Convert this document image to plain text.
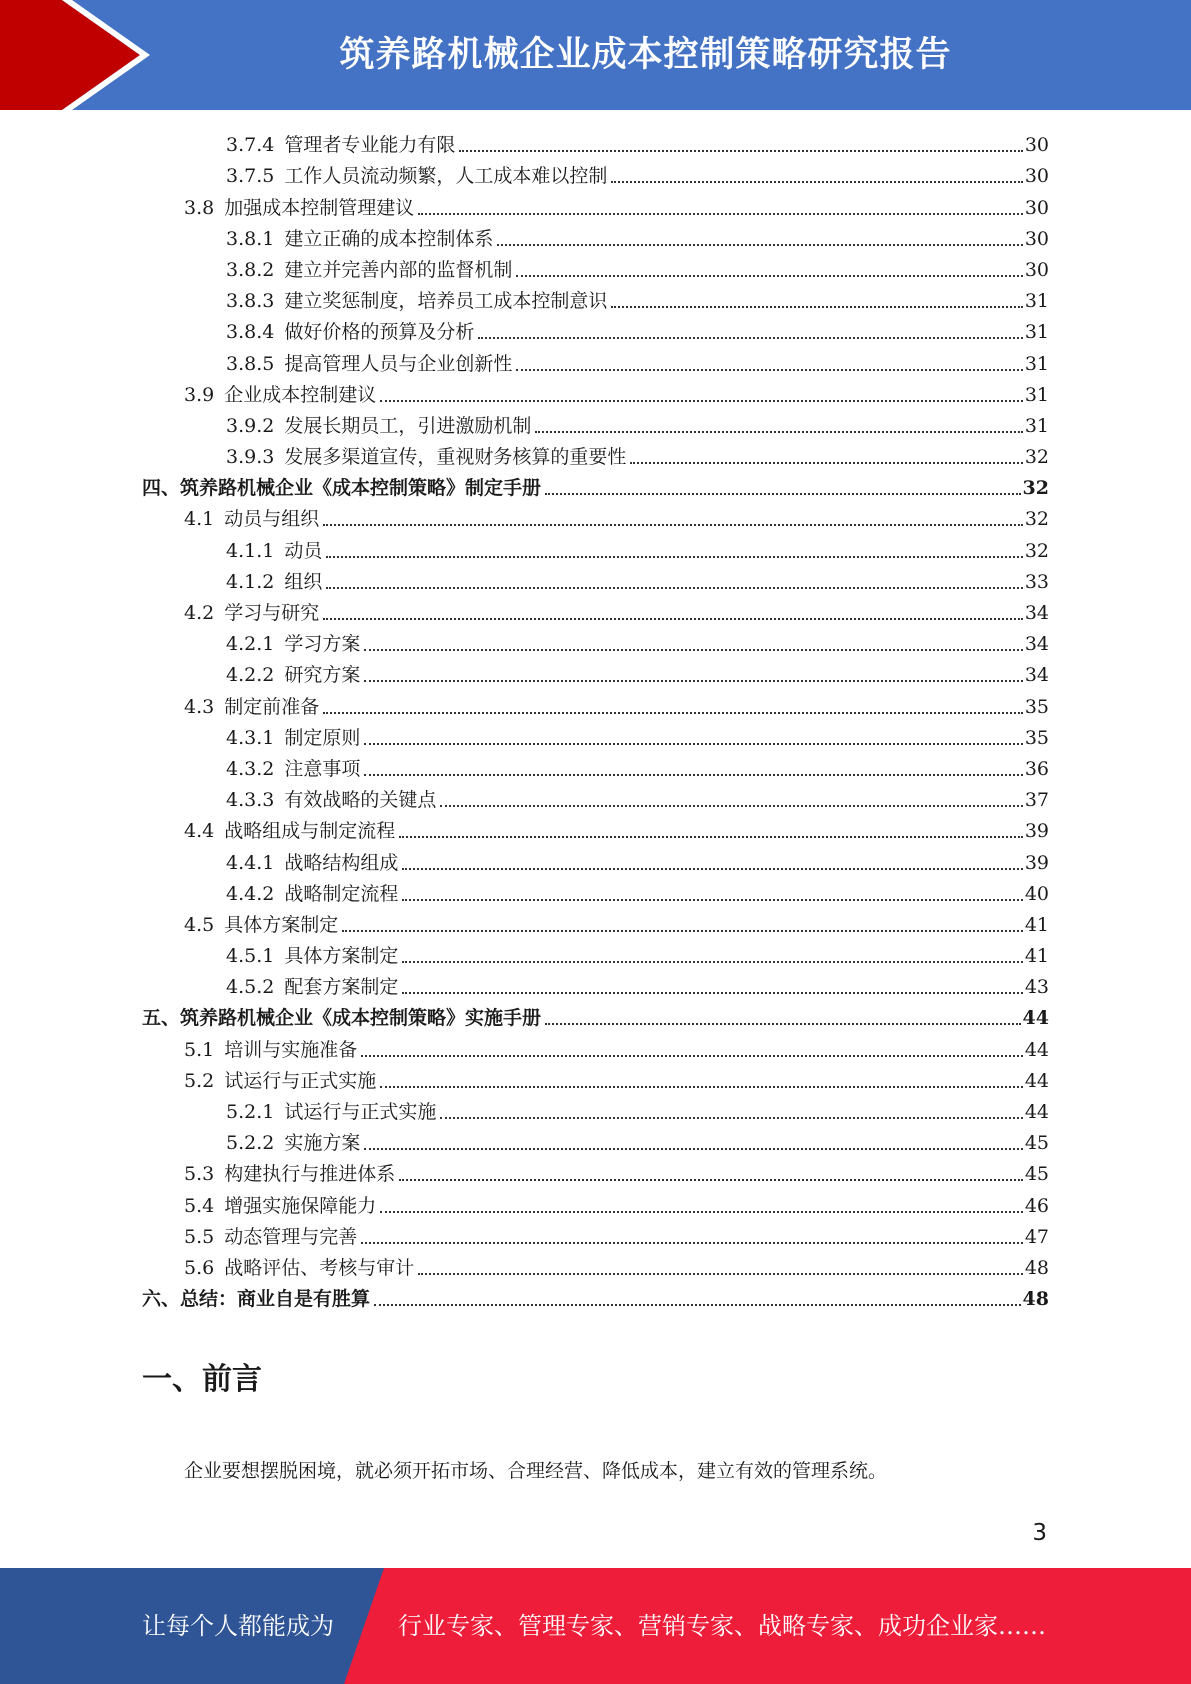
筑养路机械企业成本控制策略研究报告
3.7.4 管理者专业能力有限	30
3.7.5 工作人员流动频繁，人工成本难以控制	30
3.8 加强成本控制管理建议	30
3.8.1 建立正确的成本控制体系	30
3.8.2 建立并完善内部的监督机制	30
3.8.3 建立奖惩制度，培养员工成本控制意识	31
3.8.4 做好价格的预算及分析	31
3.8.5 提高管理人员与企业创新性	31
3.9 企业成本控制建议	31
3.9.2 发展长期员工，引进激励机制	31
3.9.3 发展多渠道宣传，重视财务核算的重要性	32
四、筑养路机械企业《成本控制策略》制定手册	32
4.1 动员与组织	32
4.1.1 动员	32
4.1.2 组织	33
4.2 学习与研究	34
4.2.1 学习方案	34
4.2.2 研究方案	34
4.3 制定前准备	35
4.3.1 制定原则	35
4.3.2 注意事项	36
4.3.3 有效战略的关键点	37
4.4 战略组成与制定流程	39
4.4.1 战略结构组成	39
4.4.2 战略制定流程	40
4.5 具体方案制定	41
4.5.1 具体方案制定	41
4.5.2 配套方案制定	43
五、筑养路机械企业《成本控制策略》实施手册	44
5.1 培训与实施准备	44
5.2 试运行与正式实施	44
5.2.1 试运行与正式实施	44
5.2.2 实施方案	45
5.3 构建执行与推进体系	45
5.4 增强实施保障能力	46
5.5 动态管理与完善	47
5.6 战略评估、考核与审计	48
六、总结：商业自是有胜算	48
一、前言
企业要想摆脱困境，就必须开拓市场、合理经营、降低成本，建立有效的管理系统。
3
让每个人都能成为	行业专家、管理专家、营销专家、战略专家、成功企业家……
